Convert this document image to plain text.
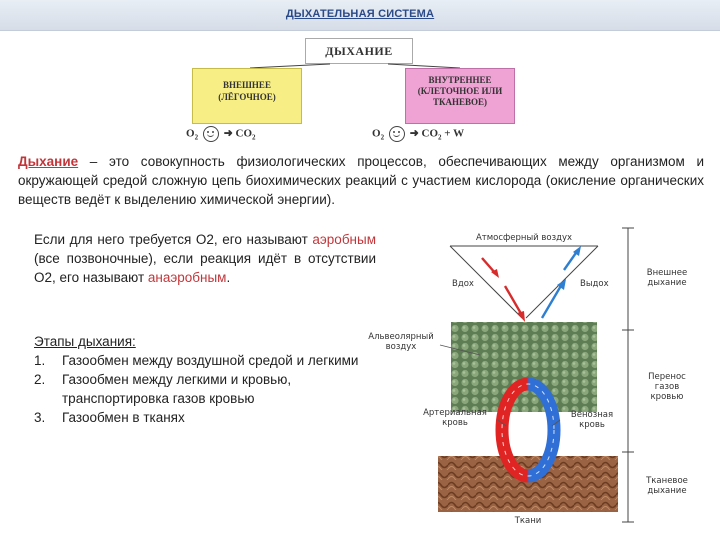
ДЫХАТЕЛЬНАЯ СИСТЕМА
ДЫХАНИЕ
ВНЕШНЕЕ
(ЛЁГОЧНОЕ)
ВНУТРЕННЕЕ
(КЛЕТОЧНОЕ ИЛИ
ТКАНЕВОЕ)
$O_2$ ➜ $CO_2$	$O_2$ ➜ $CO_2 + W$
Дыхание – это совокупность физиологических процессов, обеспечивающих между организмом и окружающей средой сложную цепь биохимических реакций с участием кислорода (окисление органических веществ ведёт к выделению химической энергии).
Если для него требуется О2, его называют аэробным (все позвоночные), если реакция идёт в отсутствии О2, его называют анаэробным.
Этапы дыхания:
1. Газообмен между воздушной средой и легкими
2. Газообмен между легкими и кровью, транспортировка газов кровью
3. Газообмен в тканях
Атмосферный воздух
Вдох	Выдох
Альвеолярный
воздух
Артериальная
кровь
Венозная
кровь
Ткани
Внешнее
дыхание
Перенос
газов
кровью
Тканевое
дыхание
